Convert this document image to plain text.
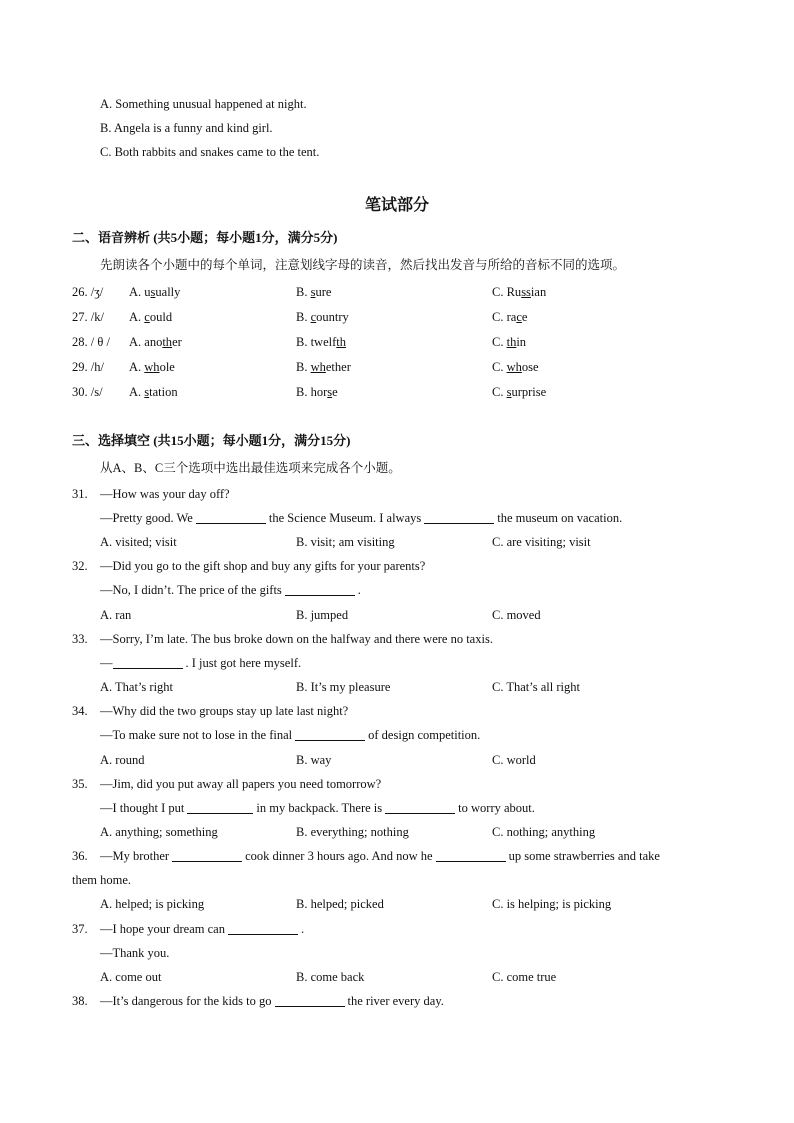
A. Something unusual happened at night.
B. Angela is a funny and kind girl.
C. Both rabbits and snakes came to the tent.
笔试部分
二、语音辨析 (共5小题；每小题1分，满分5分)
先朗读各个小题中的每个单词，注意划线字母的读音，然后找出发音与所给的音标不同的选项。
26. /ʒ/ A. usually	B. sure	C. Russian
27. /k/ A. could	B. country	C. race
28. / θ / A. another	B. twelfth	C. thin
29. /h/ A. whole	B. whether	C. whose
30. /s/ A. station	B. horse	C. surprise
三、选择填空 (共15小题；每小题1分，满分15分)
从A、B、C三个选项中选出最佳选项来完成各个小题。
31. —How was your day off?
—Pretty good. We	the Science Museum. I always	the museum on vacation.
A. visited; visit	B. visit; am visiting	C. are visiting; visit
32. —Did you go to the gift shop and buy any gifts for your parents?
—No, I didn’t. The price of the gifts	.
A. ran	B. jumped	C. moved
33. —Sorry, I’m late. The bus broke down on the halfway and there were no taxis.
—	. I just got here myself.
A. That’s right	B. It’s my pleasure	C. That’s all right
34. —Why did the two groups stay up late last night?
—To make sure not to lose in the final	of design competition.
A. round	B. way	C. world
35. —Jim, did you put away all papers you need tomorrow?
—I thought I put	in my backpack. There is	to worry about.
A. anything; something	B. everything; nothing	C. nothing; anything
36. —My brother	cook dinner 3 hours ago. And now he	up some strawberries and take
them home.
A. helped; is picking	B. helped; picked	C. is helping; is picking
37. —I hope your dream can	.
—Thank you.
A. come out	B. come back	C. come true
38. —It’s dangerous for the kids to go	the river every day.
